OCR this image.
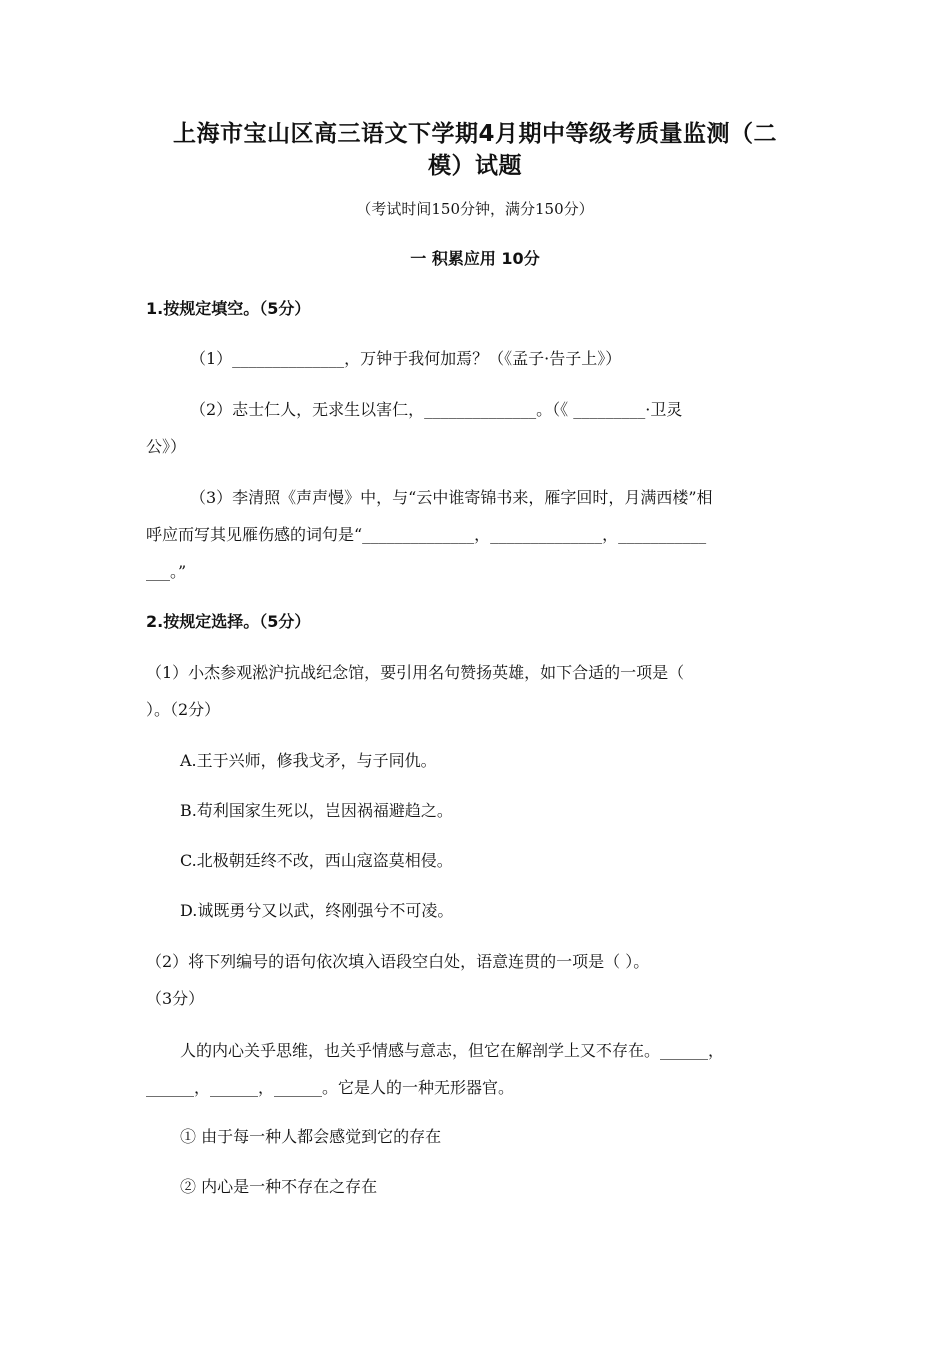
上海市宝山区高三语文下学期4月期中等级考质量监测（二
模）试题
（考试时间150分钟，满分150分）
一 积累应用 10分
1.按规定填空。（5分）
（1）______________，万钟于我何加焉？（《孟子·告子上》）
（2）志士仁人，无求生以害仁，______________。（《 _________·卫灵
公》）
（3）李清照《声声慢》中，与“云中谁寄锦书来，雁字回时，月满西楼”相
呼应而写其见雁伤感的词句是“______________，______________，___________
___。”
2.按规定选择。（5分）
（1）小杰参观淞沪抗战纪念馆，要引用名句赞扬英雄，如下合适的一项是（
）。（2分）
A.王于兴师，修我戈矛，与子同仇。
B.苟利国家生死以，岂因祸福避趋之。
C.北极朝廷终不改，西山寇盗莫相侵。
D.诚既勇兮又以武，终刚强兮不可凌。
（2）将下列编号的语句依次填入语段空白处，语意连贯的一项是（ ）。
（3分）
人的内心关乎思维，也关乎情感与意志，但它在解剖学上又不存在。______，
______，______，______。它是人的一种无形器官。
① 由于每一种人都会感觉到它的存在
② 内心是一种不存在之存在
